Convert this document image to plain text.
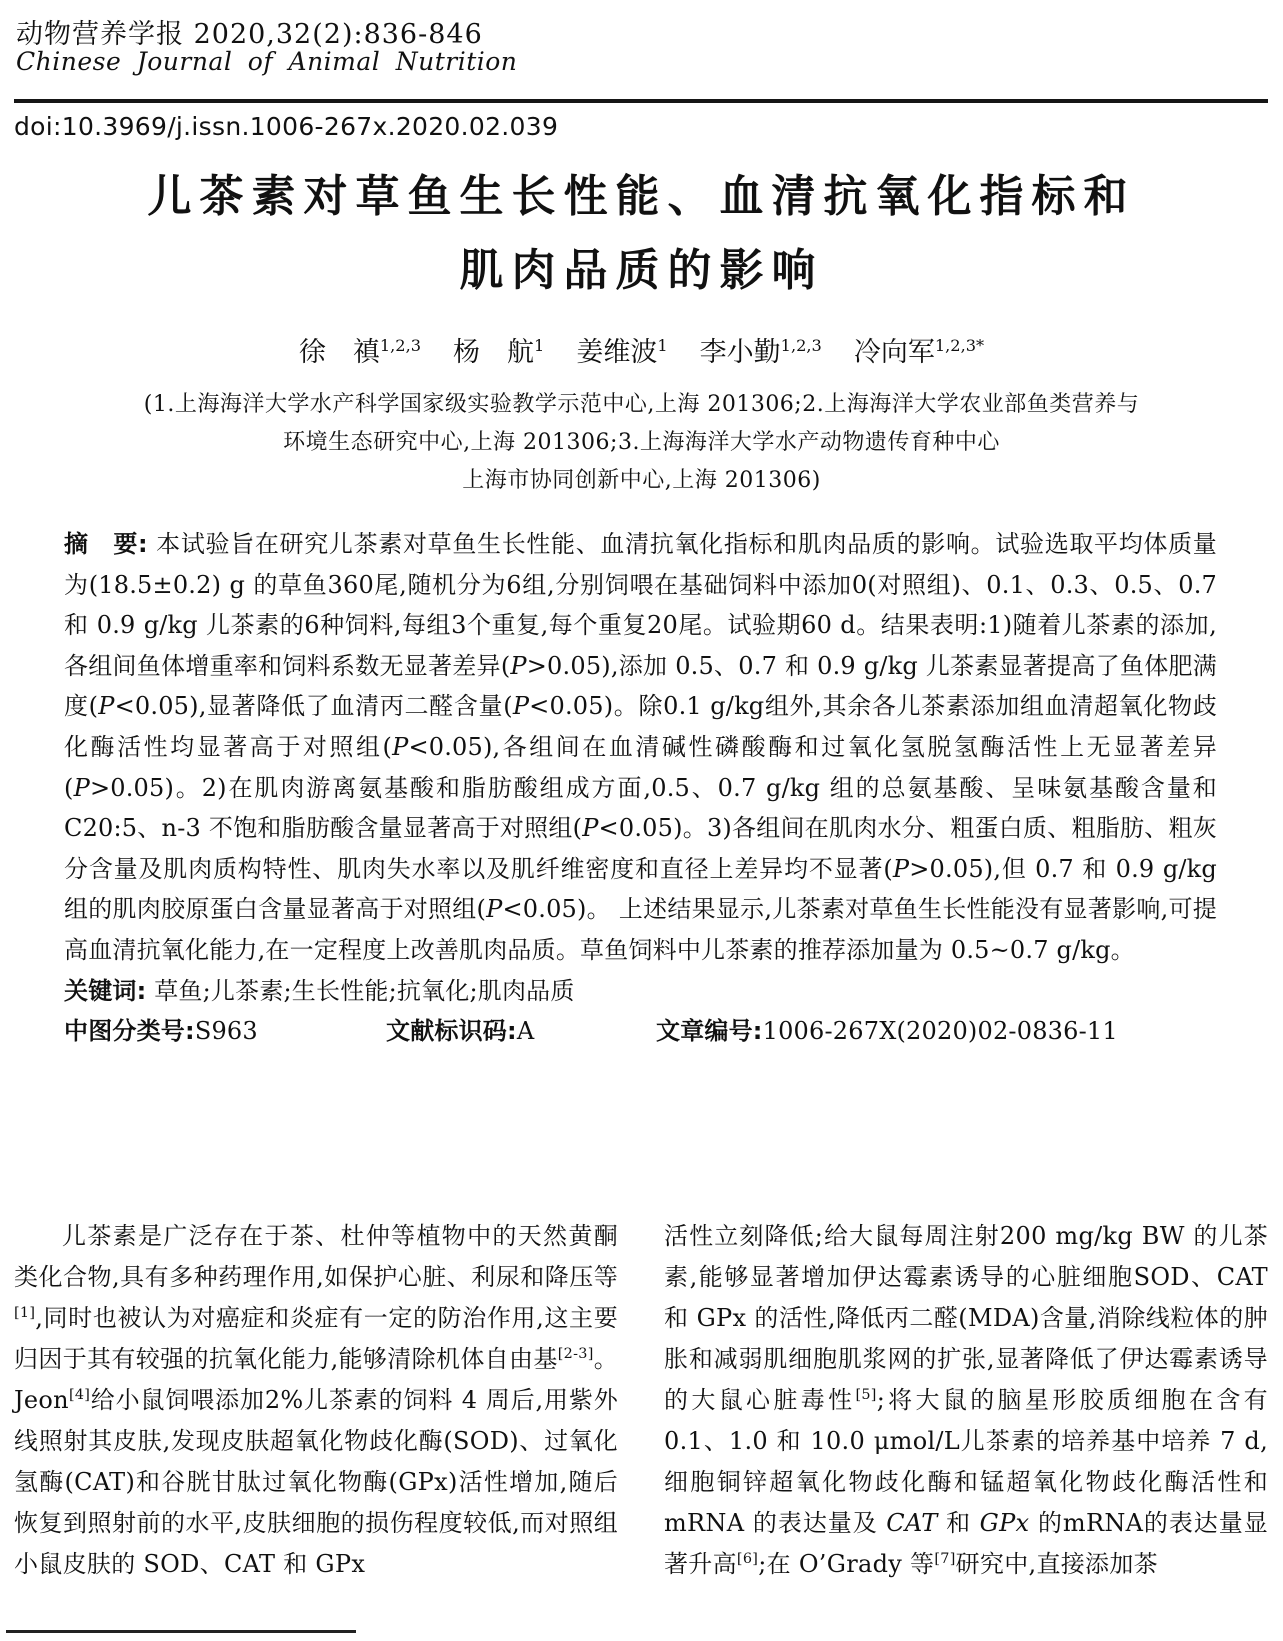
动物营养学报 2020,32(2):836-846
Chinese Journal of Animal Nutrition
doi:10.3969/j.issn.1006-267x.2020.02.039
儿茶素对草鱼生长性能、血清抗氧化指标和
肌肉品质的影响
徐　禛$^{1,2,3}$ 杨　航$^1$ 姜维波$^1$ 李小勤$^{1,2,3}$ 冷向军$^{1,2,3*}$
(1.上海海洋大学水产科学国家级实验教学示范中心,上海 201306;2.上海海洋大学农业部鱼类营养与
环境生态研究中心,上海 201306;3.上海海洋大学水产动物遗传育种中心
上海市协同创新中心,上海 201306)

摘　要: 本试验旨在研究儿茶素对草鱼生长性能、血清抗氧化指标和肌肉品质的影响。试验选取平均体质量为(18.5±0.2) g 的草鱼360尾,随机分为6组,分别饲喂在基础饲料中添加0(对照组)、0.1、0.3、0.5、0.7 和 0.9 g/kg 儿茶素的6种饲料,每组3个重复,每个重复20尾。试验期60 d。结果表明:1)随着儿茶素的添加,各组间鱼体增重率和饲料系数无显著差异(P>0.05),添加 0.5、0.7 和 0.9 g/kg 儿茶素显著提高了鱼体肥满度(P<0.05),显著降低了血清丙二醛含量(P<0.05)。除0.1 g/kg组外,其余各儿茶素添加组血清超氧化物歧化酶活性均显著高于对照组(P<0.05),各组间在血清碱性磷酸酶和过氧化氢脱氢酶活性上无显著差异(P>0.05)。2)在肌肉游离氨基酸和脂肪酸组成方面,0.5、0.7 g/kg 组的总氨基酸、呈味氨基酸含量和 C20:5、n-3 不饱和脂肪酸含量显著高于对照组(P<0.05)。3)各组间在肌肉水分、粗蛋白质、粗脂肪、粗灰分含量及肌肉质构特性、肌肉失水率以及肌纤维密度和直径上差异均不显著(P>0.05),但 0.7 和 0.9 g/kg 组的肌肉胶原蛋白含量显著高于对照组(P<0.05)。 上述结果显示,儿茶素对草鱼生长性能没有显著影响,可提高血清抗氧化能力,在一定程度上改善肌肉品质。草鱼饲料中儿茶素的推荐添加量为 0.5~0.7 g/kg。

关键词: 草鱼;儿茶素;生长性能;抗氧化;肌肉品质

中图分类号:S963	文献标识码:A	文章编号:1006-267X(2020)02-0836-11

儿茶素是广泛存在于茶、杜仲等植物中的天然黄酮类化合物,具有多种药理作用,如保护心脏、利尿和降压等[1],同时也被认为对癌症和炎症有一定的防治作用,这主要归因于其有较强的抗氧化能力,能够清除机体自由基[2-3]。Jeon[4]给小鼠饲喂添加2%儿茶素的饲料 4 周后,用紫外线照射其皮肤,发现皮肤超氧化物歧化酶(SOD)、过氧化氢酶(CAT)和谷胱甘肽过氧化物酶(GPx)活性增加,随后恢复到照射前的水平,皮肤细胞的损伤程度较低,而对照组小鼠皮肤的 SOD、CAT 和 GPx

活性立刻降低;给大鼠每周注射200 mg/kg BW 的儿茶素,能够显著增加伊达霉素诱导的心脏细胞SOD、CAT 和 GPx 的活性,降低丙二醛(MDA)含量,消除线粒体的肿胀和减弱肌细胞肌浆网的扩张,显著降低了伊达霉素诱导的大鼠心脏毒性[5];将大鼠的脑星形胶质细胞在含有 0.1、1.0 和 10.0 μmol/L儿茶素的培养基中培养 7 d,细胞铜锌超氧化物歧化酶和锰超氧化物歧化酶活性和mRNA 的表达量及 CAT 和 GPx 的mRNA的表达量显著升高[6];在 O’Grady 等[7]研究中,直接添加茶
